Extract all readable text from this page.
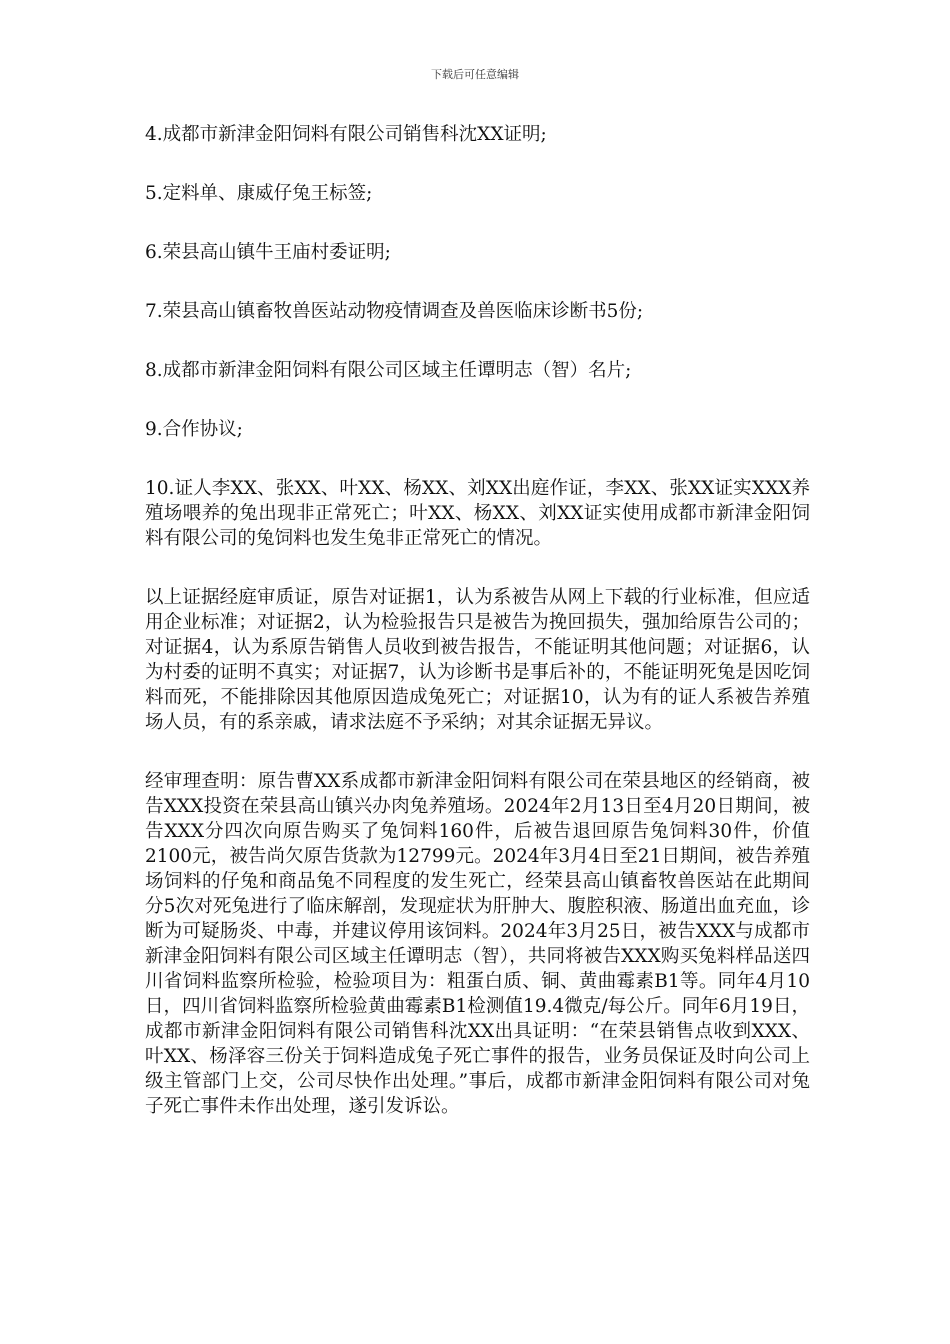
下载后可任意编辑

4.成都市新津金阳饲料有限公司销售科沈XX证明;

5.定料单、康威仔兔王标签;

6.荣县高山镇牛王庙村委证明;

7.荣县高山镇畜牧兽医站动物疫情调查及兽医临床诊断书5份;

8.成都市新津金阳饲料有限公司区域主任谭明志（智）名片;

9.合作协议;

10.证人李XX、张XX、叶XX、杨XX、刘XX出庭作证，李XX、张XX证实XXX养殖场喂养的兔出现非正常死亡；叶XX、杨XX、刘XX证实使用成都市新津金阳饲料有限公司的兔饲料也发生兔非正常死亡的情况。

以上证据经庭审质证，原告对证据1，认为系被告从网上下载的行业标准，但应适用企业标准；对证据2，认为检验报告只是被告为挽回损失，强加给原告公司的；对证据4，认为系原告销售人员收到被告报告，不能证明其他问题；对证据6，认为村委的证明不真实；对证据7，认为诊断书是事后补的，不能证明死兔是因吃饲料而死，不能排除因其他原因造成兔死亡；对证据10，认为有的证人系被告养殖场人员，有的系亲戚，请求法庭不予采纳；对其余证据无异议。

经审理查明：原告曹XX系成都市新津金阳饲料有限公司在荣县地区的经销商，被告XXX投资在荣县高山镇兴办肉兔养殖场。2024年2月13日至4月20日期间，被告XXX分四次向原告购买了兔饲料160件，后被告退回原告兔饲料30件，价值2100元，被告尚欠原告货款为12799元。2024年3月4日至21日期间，被告养殖场饲料的仔兔和商品兔不同程度的发生死亡，经荣县高山镇畜牧兽医站在此期间分5次对死兔进行了临床解剖，发现症状为肝肿大、腹腔积液、肠道出血充血，诊断为可疑肠炎、中毒，并建议停用该饲料。2024年3月25日，被告XXX与成都市新津金阳饲料有限公司区域主任谭明志（智），共同将被告XXX购买兔料样品送四川省饲料监察所检验，检验项目为：粗蛋白质、铜、黄曲霉素B1等。同年4月10日，四川省饲料监察所检验黄曲霉素B1检测值19.4微克/每公斤。同年6月19日，成都市新津金阳饲料有限公司销售科沈XX出具证明：“在荣县销售点收到XXX、叶XX、杨泽容三份关于饲料造成兔子死亡事件的报告，业务员保证及时向公司上级主管部门上交，公司尽快作出处理。”事后，成都市新津金阳饲料有限公司对兔子死亡事件未作出处理，遂引发诉讼。
